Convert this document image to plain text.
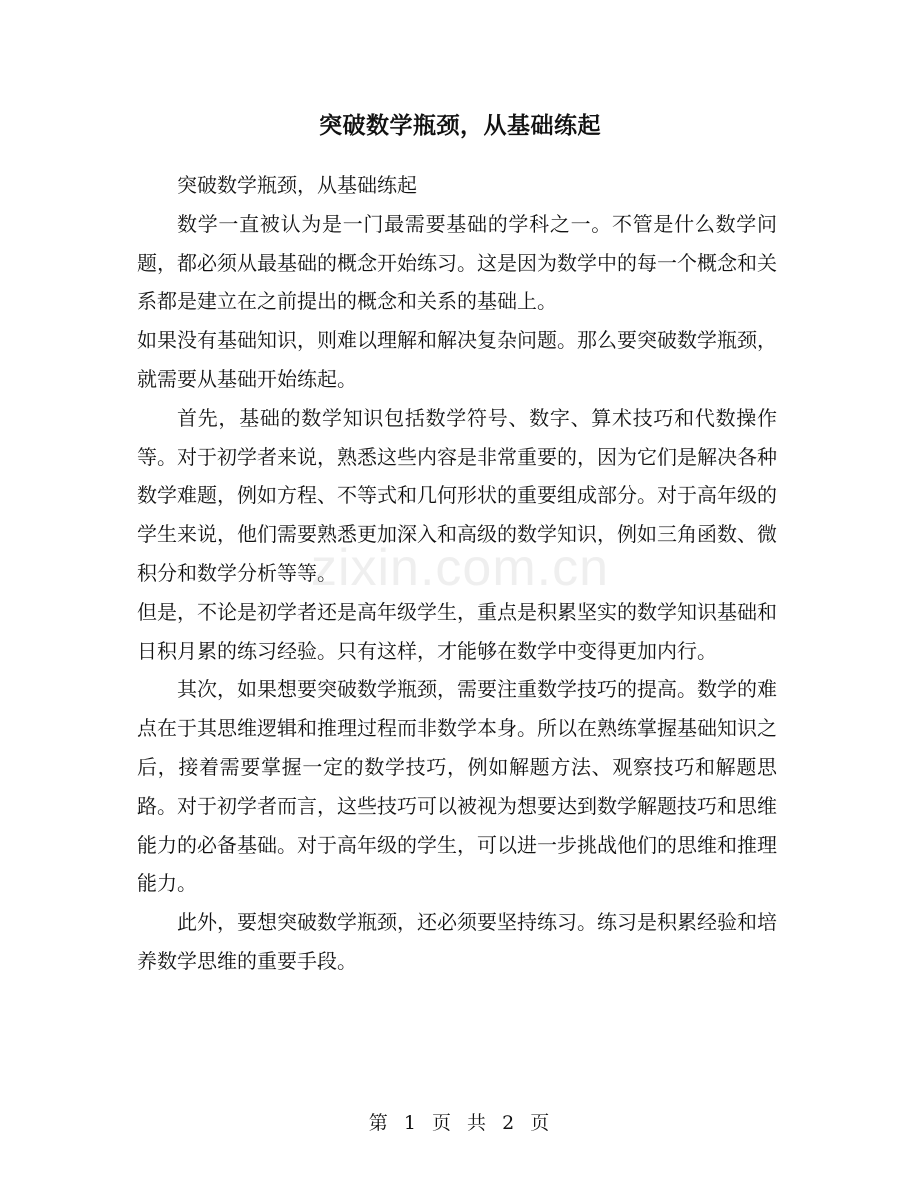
突破数学瓶颈，从基础练起

突破数学瓶颈，从基础练起

数学一直被认为是一门最需要基础的学科之一。不管是什么数学问题，都必须从最基础的概念开始练习。这是因为数学中的每一个概念和关系都是建立在之前提出的概念和关系的基础上。

如果没有基础知识，则难以理解和解决复杂问题。那么要突破数学瓶颈，就需要从基础开始练起。

首先，基础的数学知识包括数学符号、数字、算术技巧和代数操作等。对于初学者来说，熟悉这些内容是非常重要的，因为它们是解决各种数学难题，例如方程、不等式和几何形状的重要组成部分。对于高年级的学生来说，他们需要熟悉更加深入和高级的数学知识，例如三角函数、微积分和数学分析等等。

但是，不论是初学者还是高年级学生，重点是积累坚实的数学知识基础和日积月累的练习经验。只有这样，才能够在数学中变得更加内行。

其次，如果想要突破数学瓶颈，需要注重数学技巧的提高。数学的难点在于其思维逻辑和推理过程而非数学本身。所以在熟练掌握基础知识之后，接着需要掌握一定的数学技巧，例如解题方法、观察技巧和解题思路。对于初学者而言，这些技巧可以被视为想要达到数学解题技巧和思维能力的必备基础。对于高年级的学生，可以进一步挑战他们的思维和推理能力。

此外，要想突破数学瓶颈，还必须要坚持练习。练习是积累经验和培养数学思维的重要手段。

zixin.com.cn
第 1 页 共 2 页
